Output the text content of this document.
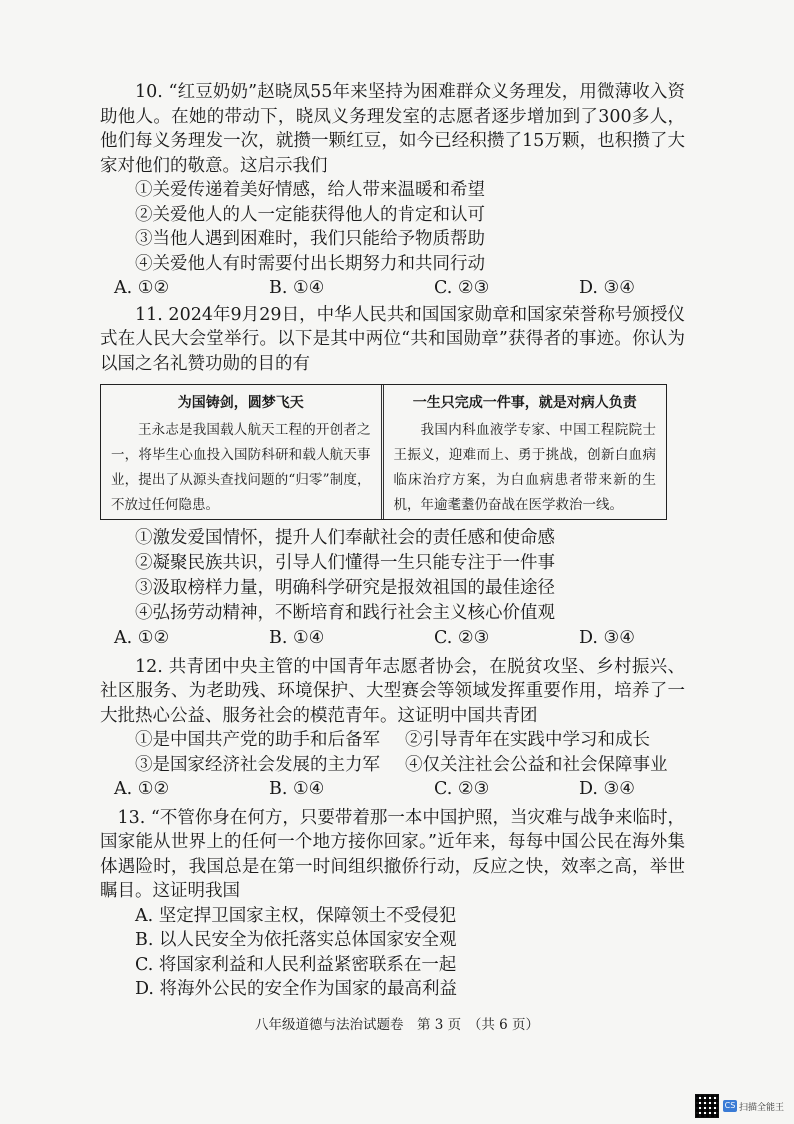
10. “红豆奶奶”赵晓凤55年来坚持为困难群众义务理发，用微薄收入资助他人。在她的带动下，晓凤义务理发室的志愿者逐步增加到了300多人，他们每义务理发一次，就攒一颗红豆，如今已经积攒了15万颗，也积攒了大家对他们的敬意。这启示我们

①关爱传递着美好情感，给人带来温暖和希望

②关爱他人的人一定能获得他人的肯定和认可

③当他人遇到困难时，我们只能给予物质帮助

④关爱他人有时需要付出长期努力和共同行动

A. ①②	B. ①④	C. ②③	D. ③④

11. 2024年9月29日，中华人民共和国国家勋章和国家荣誉称号颁授仪式在人民大会堂举行。以下是其中两位“共和国勋章”获得者的事迹。你认为以国之名礼赞功勋的目的有

为国铸剑，圆梦飞天

王永志是我国载人航天工程的开创者之一，将毕生心血投入国防科研和载人航天事业，提出了从源头查找问题的“归零”制度，不放过任何隐患。

一生只完成一件事，就是对病人负责

我国内科血液学专家、中国工程院院士王振义，迎难而上、勇于挑战，创新白血病临床治疗方案，为白血病患者带来新的生机，年逾耄耋仍奋战在医学救治一线。

①激发爱国情怀，提升人们奉献社会的责任感和使命感

②凝聚民族共识，引导人们懂得一生只能专注于一件事

③汲取榜样力量，明确科学研究是报效祖国的最佳途径

④弘扬劳动精神，不断培育和践行社会主义核心价值观

A. ①②	B. ①④	C. ②③	D. ③④

12. 共青团中央主管的中国青年志愿者协会，在脱贫攻坚、乡村振兴、社区服务、为老助残、环境保护、大型赛会等领域发挥重要作用，培养了一大批热心公益、服务社会的模范青年。这证明中国共青团

①是中国共产党的助手和后备军	②引导青年在实践中学习和成长
③是国家经济社会发展的主力军	④仅关注社会公益和社会保障事业
A. ①②	B. ①④	C. ②③	D. ③④

13. “不管你身在何方，只要带着那一本中国护照，当灾难与战争来临时，国家能从世界上的任何一个地方接你回家。”近年来，每每中国公民在海外集体遇险时，我国总是在第一时间组织撤侨行动，反应之快，效率之高，举世瞩目。这证明我国

A. 坚定捍卫国家主权，保障领土不受侵犯

B. 以人民安全为依托落实总体国家安全观

C. 将国家利益和人民利益紧密联系在一起

D. 将海外公民的安全作为国家的最高利益

八年级道德与法治试题卷　第 3 页　（共 6 页）
CS 扫描全能王
